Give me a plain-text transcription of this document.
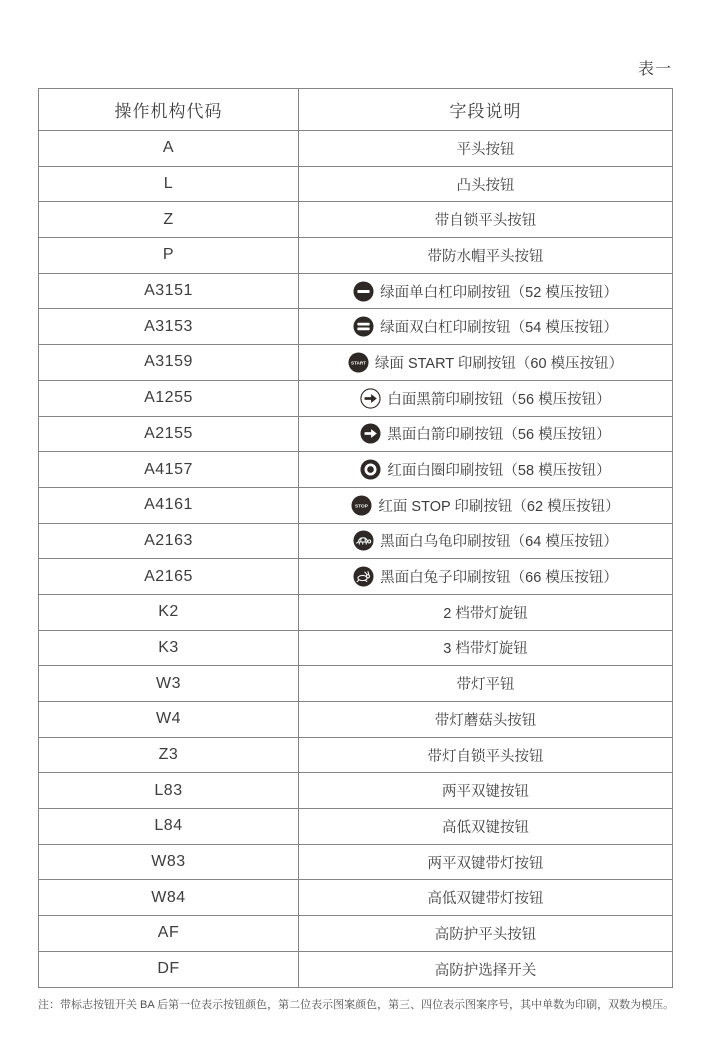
表一
操作机构代码	字段说明
A	平头按钮

L	凸头按钮

Z	带自锁平头按钮

P	带防水帽平头按钮

A3151	绿面单白杠印刷按钮（52 模压按钮）

A3153	绿面双白杠印刷按钮（54 模压按钮）

A3159	START 绿面 START 印刷按钮（60 模压按钮）

A1255	白面黑箭印刷按钮（56 模压按钮）

A2155	黑面白箭印刷按钮（56 模压按钮）

A4157	红面白圈印刷按钮（58 模压按钮）

A4161	STOP 红面 STOP 印刷按钮（62 模压按钮）

A2163	黑面白乌龟印刷按钮（64 模压按钮）

A2165	黑面白兔子印刷按钮（66 模压按钮）

K2	2 档带灯旋钮

K3	3 档带灯旋钮

W3	带灯平钮

W4	带灯蘑菇头按钮

Z3	带灯自锁平头按钮

L83	两平双键按钮

L84	高低双键按钮

W83	两平双键带灯按钮

W84	高低双键带灯按钮

AF	高防护平头按钮

DF	高防护选择开关
注：带标志按钮开关 BA 后第一位表示按钮颜色，第二位表示图案颜色，第三、四位表示图案序号，其中单数为印刷，双数为模压。
